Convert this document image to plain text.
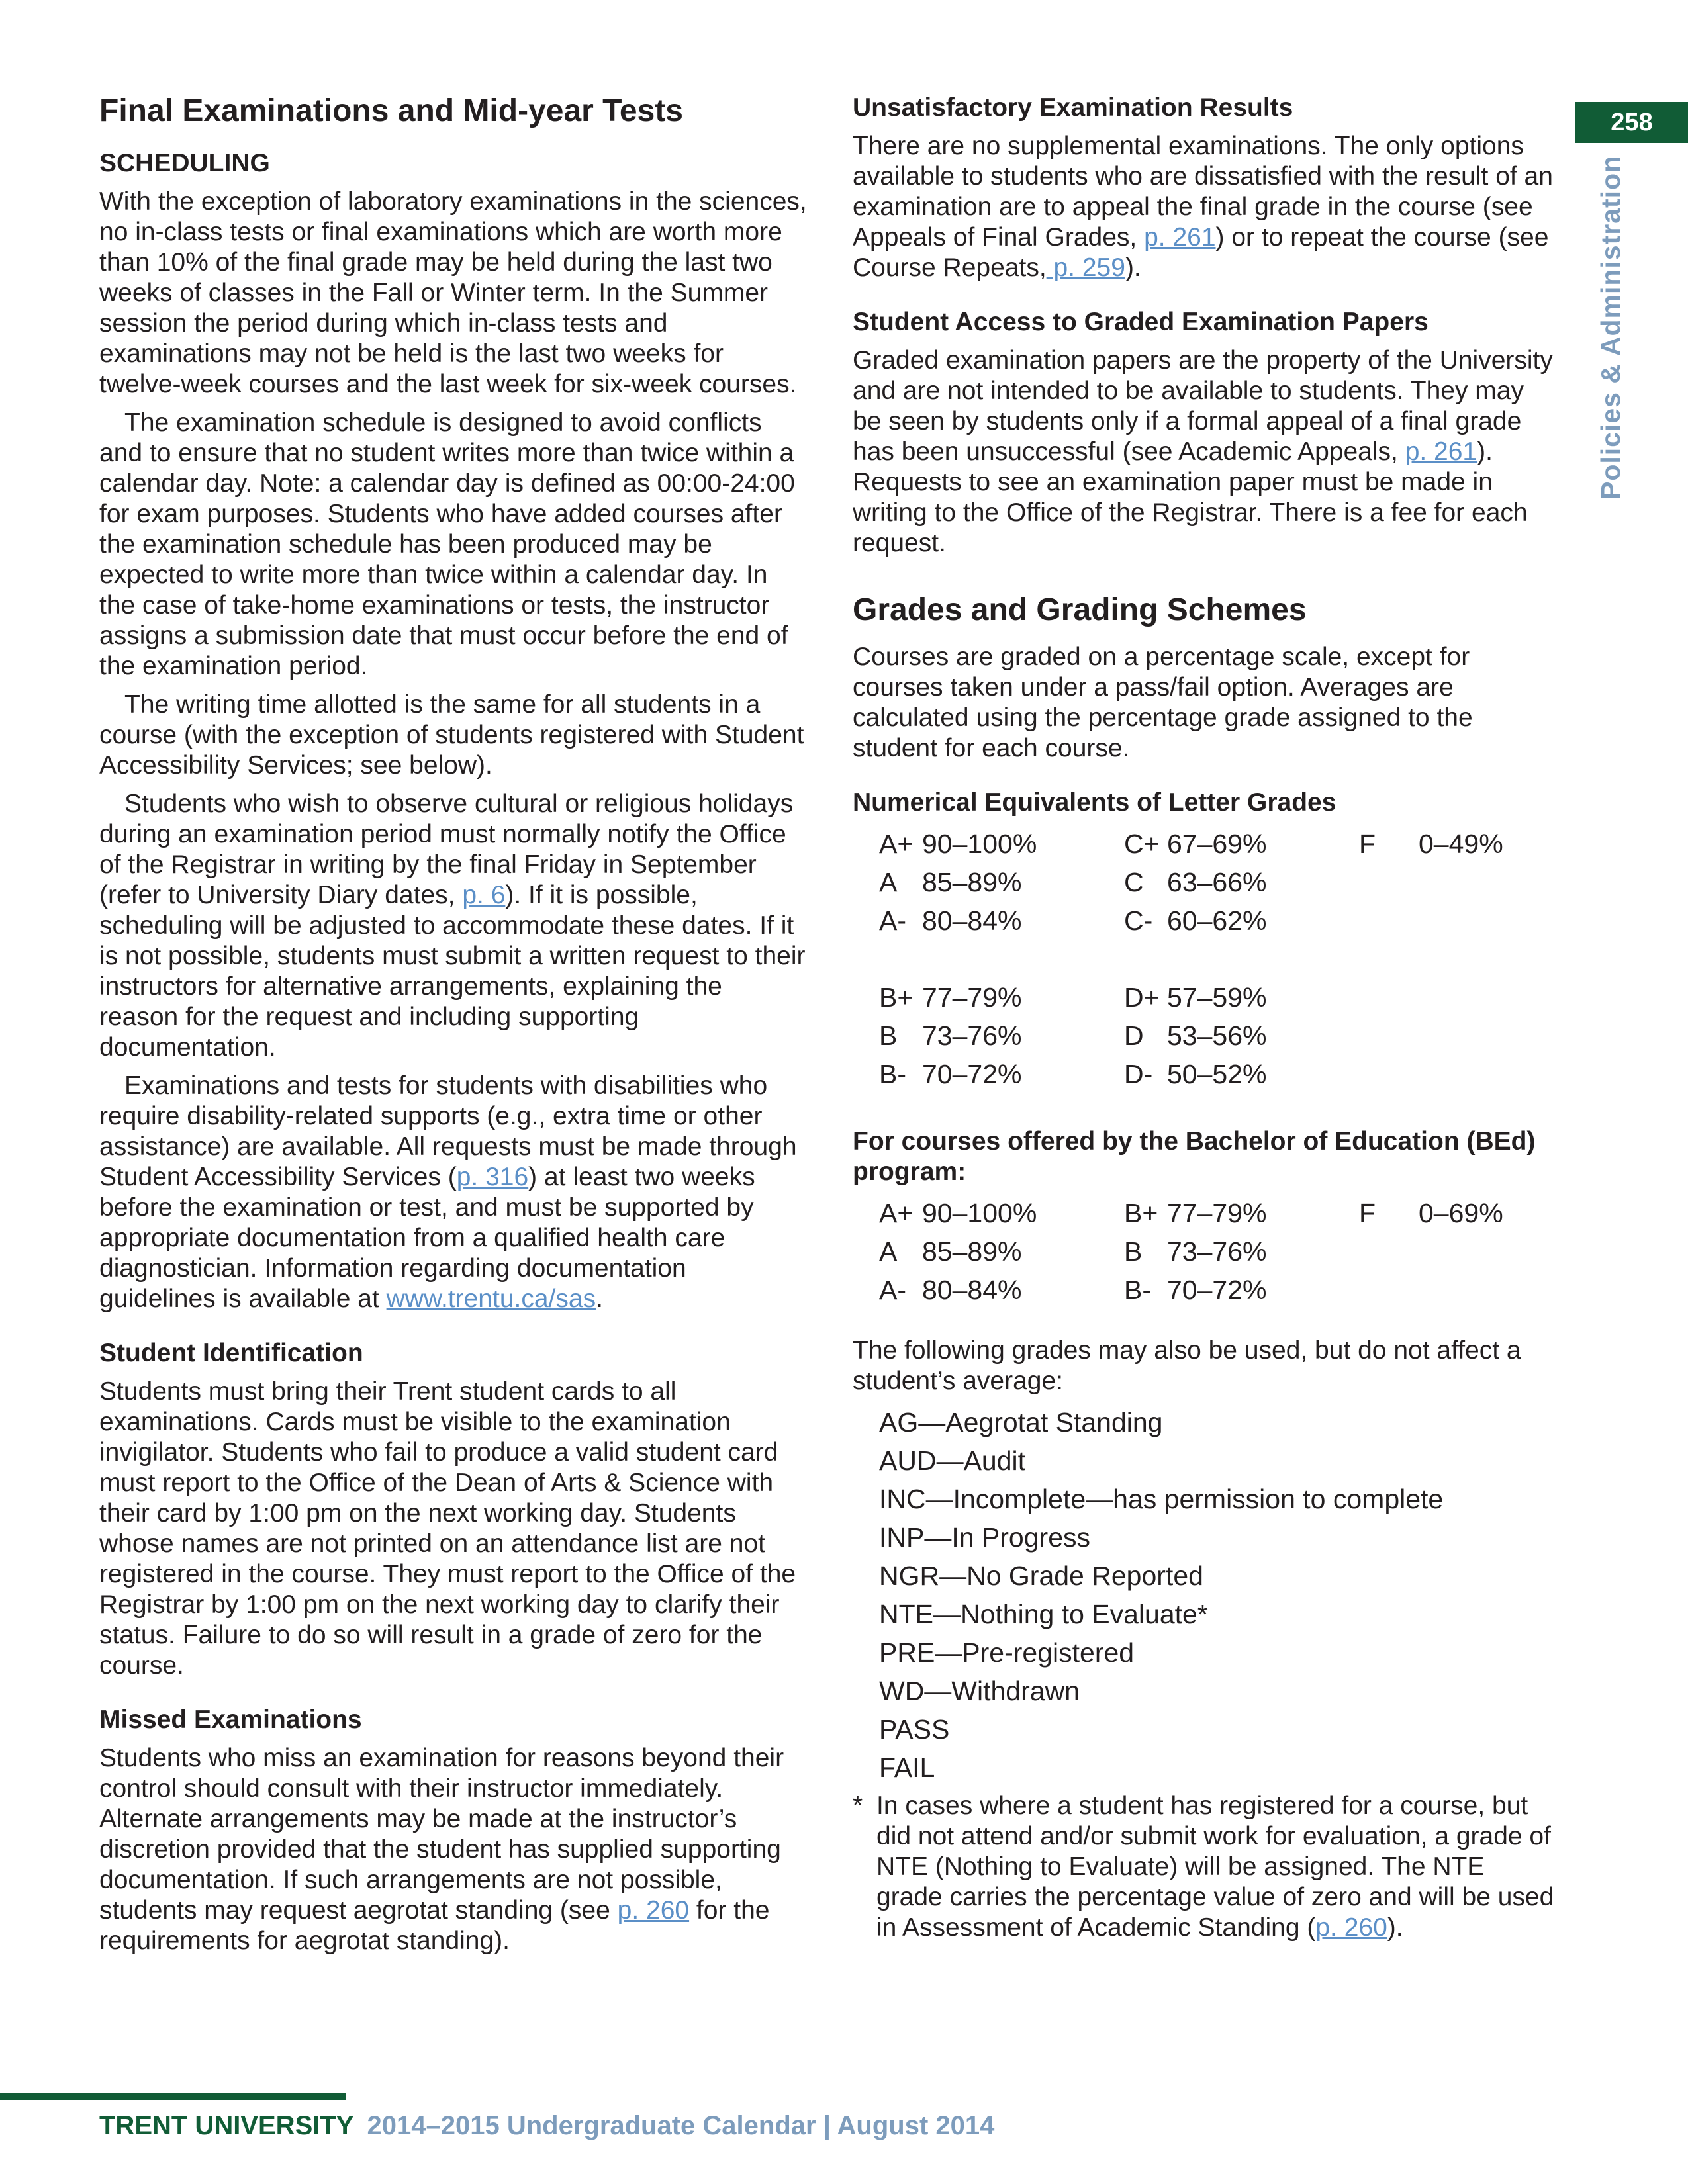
258
Policies & Administration
Final Examinations and Mid-year Tests
SCHEDULING

With the exception of laboratory examinations in the sciences, no in-class tests or final examinations which are worth more than 10% of the final grade may be held during the last two weeks of classes in the Fall or Winter term. In the Summer session the period during which in-class tests and examinations may not be held is the last two weeks for twelve-week courses and the last week for six-week courses.

The examination schedule is designed to avoid conflicts and to ensure that no student writes more than twice within a calendar day. Note: a calendar day is defined as 00:00-24:00 for exam purposes. Students who have added courses after the examination schedule has been produced may be expected to write more than twice within a calendar day. In the case of take-home examinations or tests, the instructor assigns a submission date that must occur before the end of the examination period.

The writing time allotted is the same for all students in a course (with the exception of students registered with Student Accessibility Services; see below).

Students who wish to observe cultural or religious holidays during an examination period must normally notify the Office of the Registrar in writing by the final Friday in September (refer to University Diary dates, p. 6). If it is possible, scheduling will be adjusted to accommodate these dates. If it is not possible, students must submit a written request to their instructors for alternative arrangements, explaining the reason for the request and including supporting documentation.

Examinations and tests for students with disabilities who require disability-related supports (e.g., extra time or other assistance) are available. All requests must be made through Student Accessibility Services (p. 316) at least two weeks before the examination or test, and must be supported by appropriate documentation from a qualified health care diagnostician. Information regarding documentation guidelines is available at www.trentu.ca/sas.

Student Identification

Students must bring their Trent student cards to all examinations. Cards must be visible to the examination invigilator. Students who fail to produce a valid student card must report to the Office of the Dean of Arts & Science with their card by 1:00 pm on the next working day. Students whose names are not printed on an attendance list are not registered in the course. They must report to the Office of the Registrar by 1:00 pm on the next working day to clarify their status. Failure to do so will result in a grade of zero for the course.

Missed Examinations

Students who miss an examination for reasons beyond their control should consult with their instructor immediately. Alternate arrangements may be made at the instructor’s discretion provided that the student has supplied supporting documentation. If such arrangements are not possible, students may request aegrotat standing (see p. 260 for the requirements for aegrotat standing).

Unsatisfactory Examination Results

There are no supplemental examinations. The only options available to students who are dissatisfied with the result of an examination are to appeal the final grade in the course (see Appeals of Final Grades, p. 261) or to repeat the course (see Course Repeats, p. 259).

Student Access to Graded Examination Papers

Graded examination papers are the property of the University and are not intended to be available to students. They may be seen by students only if a formal appeal of a final grade has been unsuccessful (see Academic Appeals, p. 261). Requests to see an examination paper must be made in writing to the Office of the Registrar. There is a fee for each request.

Grades and Grading Schemes

Courses are graded on a percentage scale, except for courses taken under a pass/fail option. Averages are calculated using the percentage grade assigned to the student for each course.

Numerical Equivalents of Letter Grades
A+ 90–100%	C+ 67–69%	F 0–49%
A 85–89%	C 63–66%
A- 80–84%	C- 60–62%
B+ 77–79%	D+ 57–59%
B 73–76%	D 53–56%
B- 70–72%	D- 50–52%
For courses offered by the Bachelor of Education (BEd) program:
A+ 90–100%	B+ 77–79%	F 0–69%
A 85–89%	B 73–76%
A- 80–84%	B- 70–72%

The following grades may also be used, but do not affect a student’s average:

AG—Aegrotat Standing
AUD—Audit
INC—Incomplete—has permission to complete
INP—In Progress
NGR—No Grade Reported
NTE—Nothing to Evaluate*
PRE—Pre-registered
WD—Withdrawn
PASS
FAIL
* In cases where a student has registered for a course, but did not attend and/or submit work for evaluation, a grade of NTE (Nothing to Evaluate) will be assigned. The NTE grade carries the percentage value of zero and will be used in Assessment of Academic Standing (p. 260).
TRENT UNIVERSITY 2014–2015 Undergraduate Calendar | August 2014
